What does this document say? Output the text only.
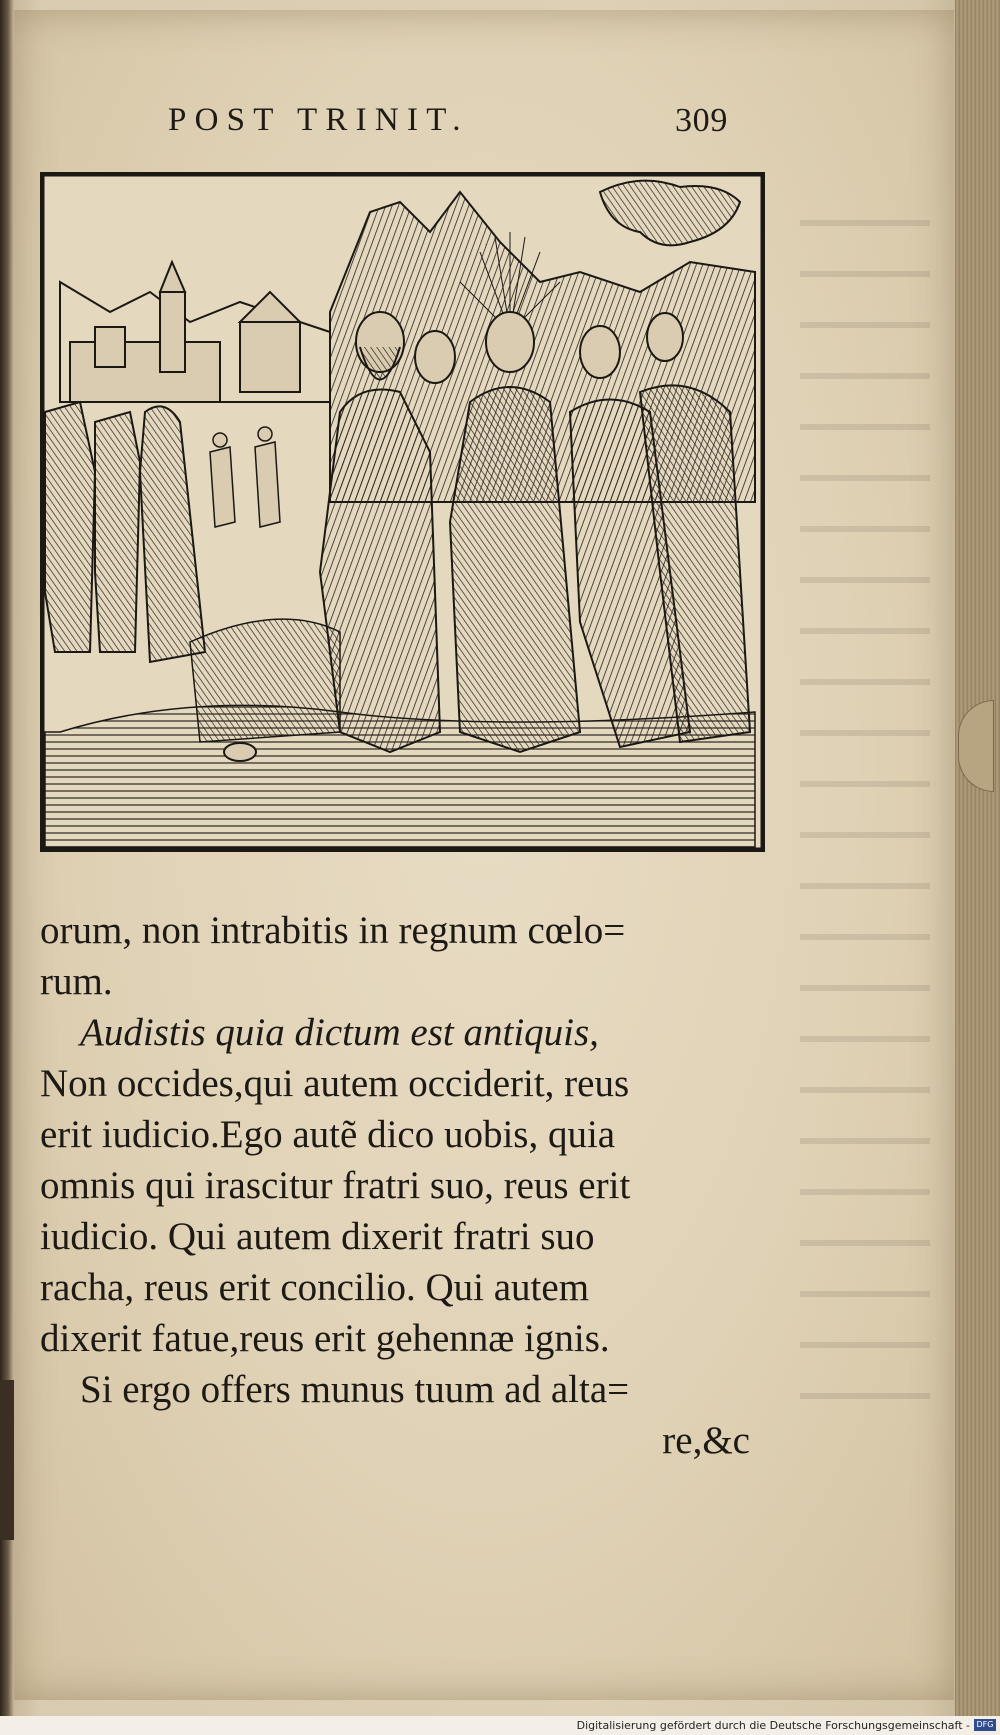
POST TRINIT.	309
orum, non intrabitis in regnum cœlo=
rum.
Audistis quia dictum est antiquis,
Non occides,qui autem occiderit, reus
erit iudicio.Ego autẽ dico uobis, quia
omnis qui irascitur fratri suo, reus erit
iudicio. Qui autem dixerit fratri suo
racha, reus erit concilio. Qui autem
dixerit fatue,reus erit gehennæ ignis.
Si ergo offers munus tuum ad alta=
re,&c
Digitalisierung gefördert durch die Deutsche Forschungsgemeinschaft - DFG
